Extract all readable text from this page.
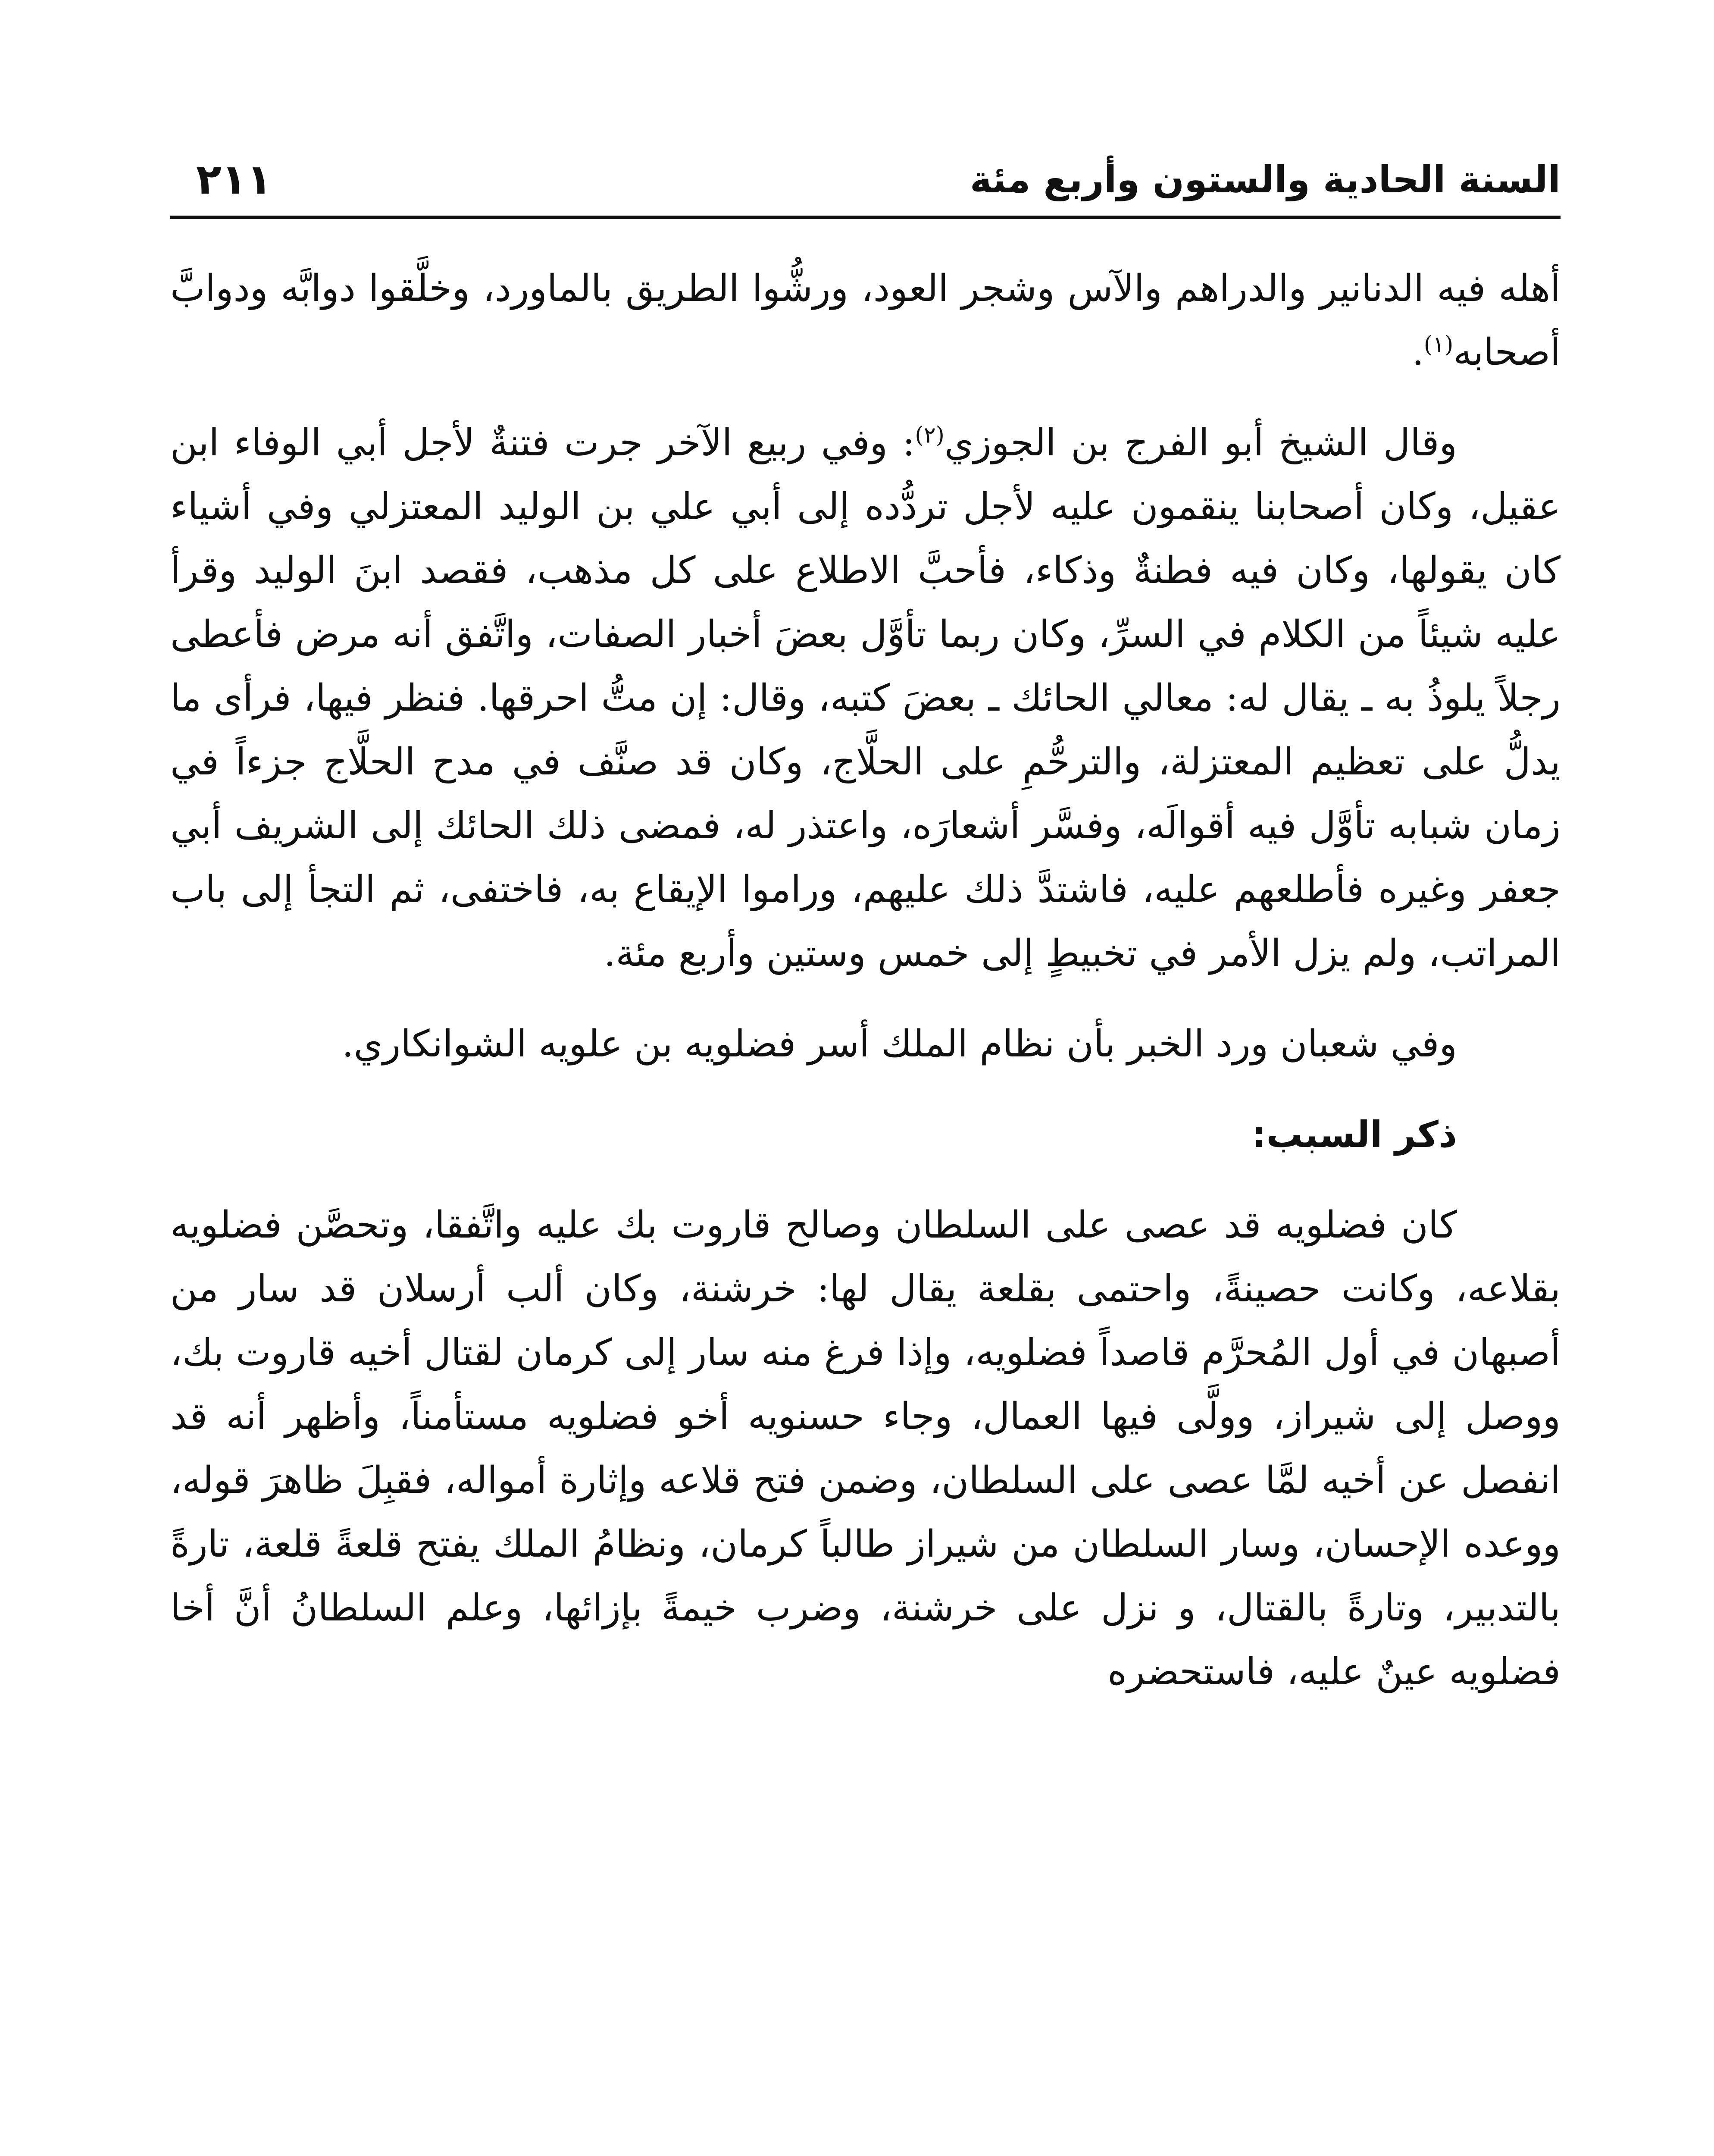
السنة الحادية والستون وأربع مئة
٢١١

أهله فيه الدنانير والدراهم والآس وشجر العود، ورشُّوا الطريق بالماورد، وخلَّقوا دوابَّه ودوابَّ أصحابه$^{(١)}$.

وقال الشيخ أبو الفرج بن الجوزي$^{(٢)}$: وفي ربيع الآخر جرت فتنةٌ لأجل أبي الوفاء ابن عقيل، وكان أصحابنا ينقمون عليه لأجل تردُّده إلى أبي علي بن الوليد المعتزلي وفي أشياء كان يقولها، وكان فيه فطنةٌ وذكاء، فأحبَّ الاطلاع على كل مذهب، فقصد ابنَ الوليد وقرأ عليه شيئاً من الكلام في السرِّ، وكان ربما تأوَّل بعضَ أخبار الصفات، واتَّفق أنه مرض فأعطى رجلاً يلوذُ به ـ يقال له: معالي الحائك ـ بعضَ كتبه، وقال: إن متُّ احرقها. فنظر فيها، فرأى ما يدلُّ على تعظيم المعتزلة، والترحُّمِ على الحلَّاج، وكان قد صنَّف في مدح الحلَّاج جزءاً في زمان شبابه تأوَّل فيه أقوالَه، وفسَّر أشعارَه، واعتذر له، فمضى ذلك الحائك إلى الشريف أبي جعفر وغيره فأطلعهم عليه، فاشتدَّ ذلك عليهم، وراموا الإيقاع به، فاختفى، ثم التجأ إلى باب المراتب، ولم يزل الأمر في تخبيطٍ إلى خمس وستين وأربع مئة.

وفي شعبان ورد الخبر بأن نظام الملك أسر فضلويه بن علويه الشوانكاري.

ذكر السبب:

كان فضلويه قد عصى على السلطان وصالح قاروت بك عليه واتَّفقا، وتحصَّن فضلويه بقلاعه، وكانت حصينةً، واحتمى بقلعة يقال لها: خرشنة، وكان ألب أرسلان قد سار من أصبهان في أول المُحرَّم قاصداً فضلويه، وإذا فرغ منه سار إلى كرمان لقتال أخيه قاروت بك، ووصل إلى شيراز، وولَّى فيها العمال، وجاء حسنويه أخو فضلويه مستأمناً، وأظهر أنه قد انفصل عن أخيه لمَّا عصى على السلطان، وضمن فتح قلاعه وإثارة أمواله، فقبِلَ ظاهرَ قوله، ووعده الإحسان، وسار السلطان من شيراز طالباً كرمان، ونظامُ الملك يفتح قلعةً قلعة، تارةً بالتدبير، وتارةً بالقتال، و نزل على خرشنة، وضرب خيمةً بإزائها، وعلم السلطانُ أنَّ أخا فضلويه عينٌ عليه، فاستحضره
